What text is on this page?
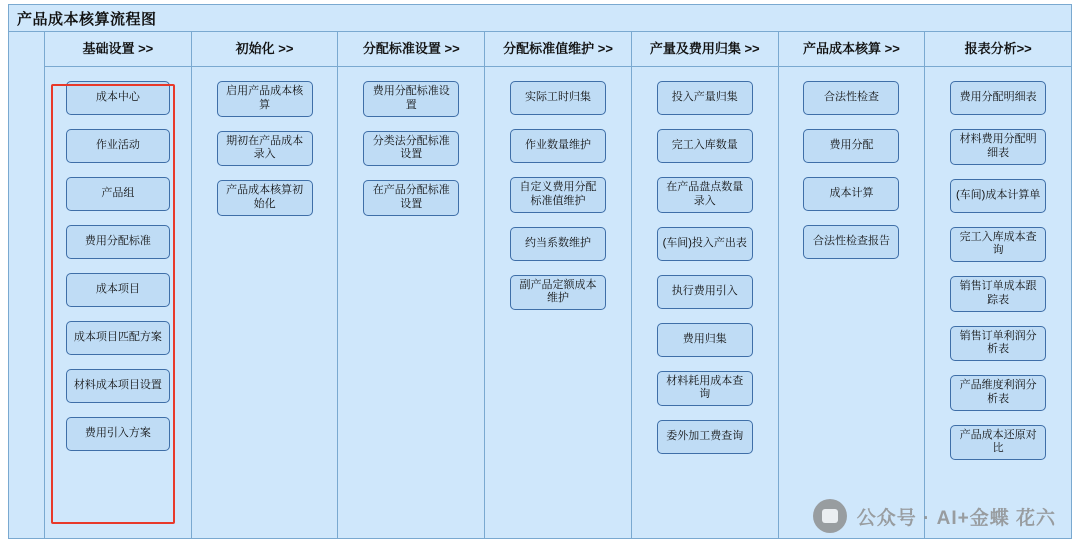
产品成本核算流程图
基础设置 >>
成本中心
作业活动
产品组
费用分配标准
成本项目
成本项目匹配方案
材料成本项目设置
费用引入方案
初始化 >>
启用产品成本核算
期初在产品成本录入
产品成本核算初始化
分配标准设置 >>
费用分配标准设置
分类法分配标准设置
在产品分配标准设置
分配标准值维护 >>
实际工时归集
作业数量维护
自定义费用分配标准值维护
约当系数维护
副产品定额成本维护
产量及费用归集 >>
投入产量归集
完工入库数量
在产品盘点数量录入
(车间)投入产出表
执行费用引入
费用归集
材料耗用成本查询
委外加工费查询
产品成本核算 >>
合法性检查
费用分配
成本计算
合法性检查报告
报表分析>>
费用分配明细表
材料费用分配明细表
(车间)成本计算单
完工入库成本查询
销售订单成本跟踪表
销售订单利润分析表
产品维度利润分析表
产品成本还原对比
公众号 · AI+金蝶 花六
